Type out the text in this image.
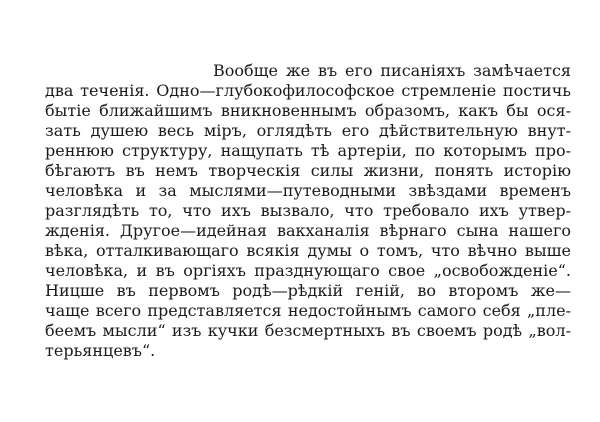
Вообще же въ его писаніяхъ замѣчается
два теченія. Одно—глубокофилософское стремленіе постичь
бытіе ближайшимъ вникновеннымъ образомъ, какъ бы ося-
зать душею весь міръ, оглядѣть его дѣйствительную внут-
реннюю структуру, нащупать тѣ артеріи, по которымъ про-
бѣгаютъ въ немъ творческія силы жизни, понять исторію
человѣка и за мыслями—путеводными звѣздами временъ
разглядѣть то, что ихъ вызвало, что требовало ихъ утвер-
жденія. Другое—идейная вакханалія вѣрнаго сына нашего
вѣка, отталкивающаго всякія думы о томъ, что вѣчно выше
человѣка, и въ оргіяхъ празднующаго свое „освобожденіе“.
Ницше въ первомъ родѣ—рѣдкій геній, во второмъ же—
чаще всего представляется недостойнымъ самого себя „пле-
беемъ мысли“ изъ кучки безсмертныхъ въ своемъ родѣ „вол-
терьянцевъ“.
